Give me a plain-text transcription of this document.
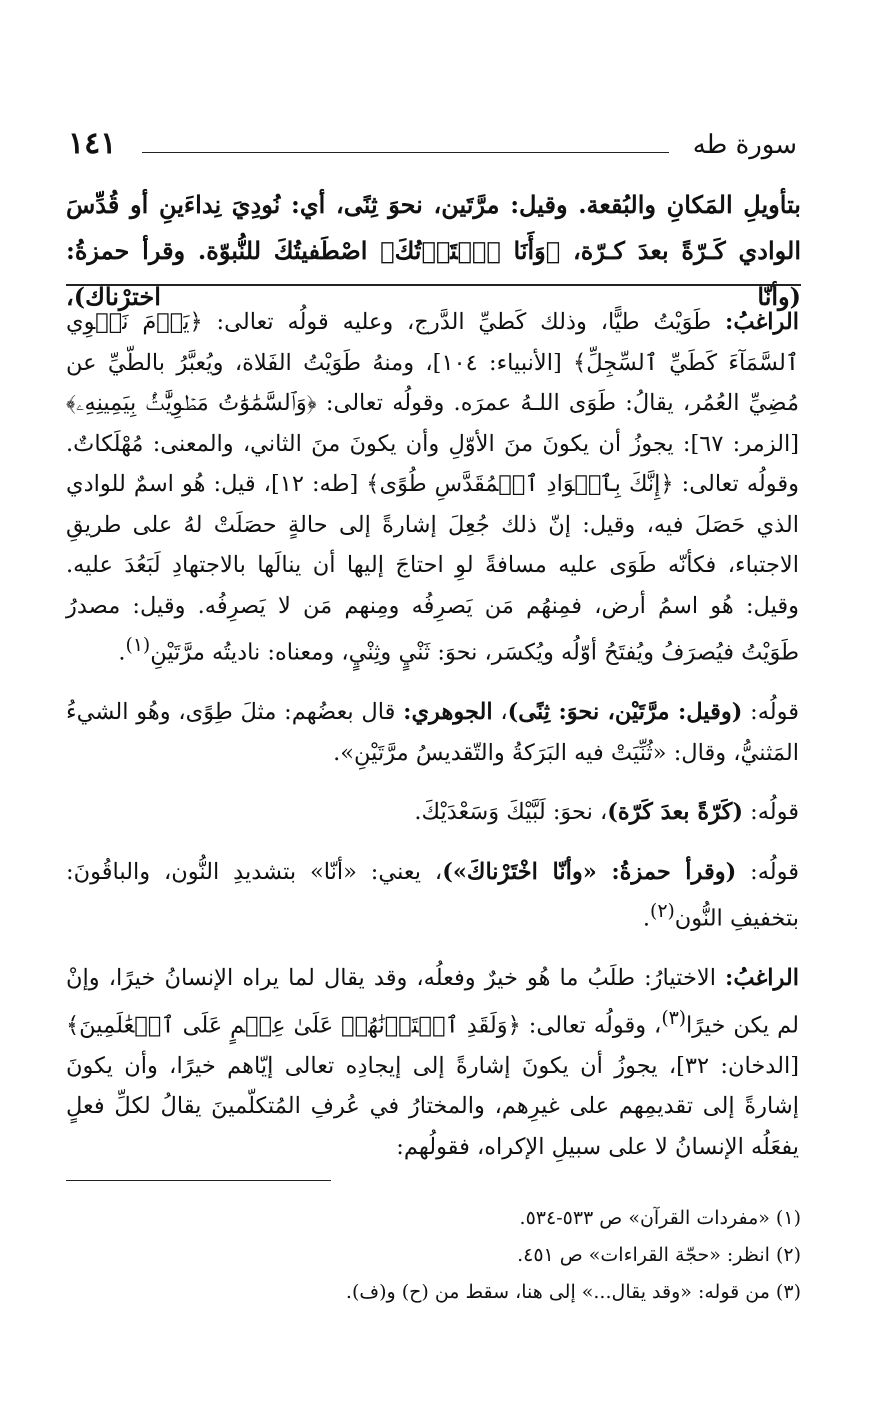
سورة طه
١٤١
بتأويلِ المَكانِ والبُقعة. وقيل: مرَّتَين، نحوَ ثِنًى، أي: نُودِيَ نِداءَينِ أو قُدِّسَ الوادي كَـرّةً بعدَ كـرّة، ﴿وَأَنَا ٱخۡتَرۡتُكَ﴾ اصْطَفيتُكَ للنُّبوّة. وقرأ حمزةُ: (وأنّا اخترْناك)،

الراغبُ: طَوَيْتُ طيًّا، وذلك كَطيِّ الدَّرج، وعليه قولُه تعالى: ﴿يَوۡمَ نَطۡوِي ٱلسَّمَآءَ كَطَيِّ ٱلسِّجِلِّ﴾ [الأنبياء: ١٠٤]، ومنهُ طَوَيْتُ الفَلاة، ويُعبَّرُ بالطّيِّ عن مُضِيِّ العُمُر، يقالُ: طَوَى اللـهُ عمرَه. وقولُه تعالى: ﴿وَٱلسَّمَٰوَٰتُ مَطۡوِيَّٰتُۢ بِيَمِينِهِۦ﴾ [الزمر: ٦٧]: يجوزُ أن يكونَ منَ الأوّلِ وأن يكونَ منَ الثاني، والمعنى: مُهْلَكاتٌ. وقولُه تعالى: ﴿إِنَّكَ بِٱلۡوَادِ ٱلۡمُقَدَّسِ طُوًى﴾ [طه: ١٢]، قيل: هُو اسمٌ للوادي الذي حَصَلَ فيه، وقيل: إنّ ذلك جُعِلَ إشارةً إلى حالةٍ حصَلَتْ لهُ على طريقِ الاجتباء، فكأنّه طَوَى عليه مسافةً لوِ احتاجَ إليها أن ينالَها بالاجتهادِ لَبَعُدَ عليه. وقيل: هُو اسمُ أرض، فمِنهُم مَن يَصرِفُه ومِنهم مَن لا يَصرِفُه. وقيل: مصدرُ طَوَيْتُ فيُصرَفُ ويُفتَحُ أوّلُه ويُكسَر، نحوَ: ثَنْيٍ وثِنْيٍ، ومعناه: ناديتُه مرَّتَيْنِ$^{(١)}$.

قولُه: (وقيل: مرَّتَيْن، نحوَ: ثِنًى)، الجوهري: قال بعضُهم: مثلَ طِوًى، وهُو الشيءُ المَثنيُّ، وقال: «ثُنِّيَتْ فيه البَرَكةُ والتّقديسُ مرَّتَيْنِ».

قولُه: (كَرّةً بعدَ كَرّة)، نحوَ: لَبَّيْكَ وَسَعْدَيْكَ.

قولُه: (وقرأ حمزةُ: «وأنّا اخْتَرْناكَ»)، يعني: «أنّا» بتشديدِ النُّون، والباقُونَ: بتخفيفِ النُّون$^{(٢)}$.

الراغبُ: الاختيارُ: طلَبُ ما هُو خيرٌ وفعلُه، وقد يقال لما يراه الإنسانُ خيرًا، وإنْ لم يكن خيرًا$^{(٣)}$، وقولُه تعالى: ﴿وَلَقَدِ ٱخۡتَرۡنَٰهُمۡ عَلَىٰ عِلۡمٍ عَلَى ٱلۡعَٰلَمِينَ﴾ [الدخان: ٣٢]، يجوزُ أن يكونَ إشارةً إلى إيجادِه تعالى إيّاهم خيرًا، وأن يكونَ إشارةً إلى تقديمِهم على غيرِهم، والمختارُ في عُرفِ المُتكلّمينَ يقالُ لكلِّ فعلٍ يفعَلُه الإنسانُ لا على سبيلِ الإكراه، فقولُهم:

(١) «مفردات القرآن» ص ٥٣٣-٥٣٤.
(٢) انظر: «حجّة القراءات» ص ٤٥١.
(٣) من قوله: «وقد يقال...» إلى هنا، سقط من (ح) و(ف).
